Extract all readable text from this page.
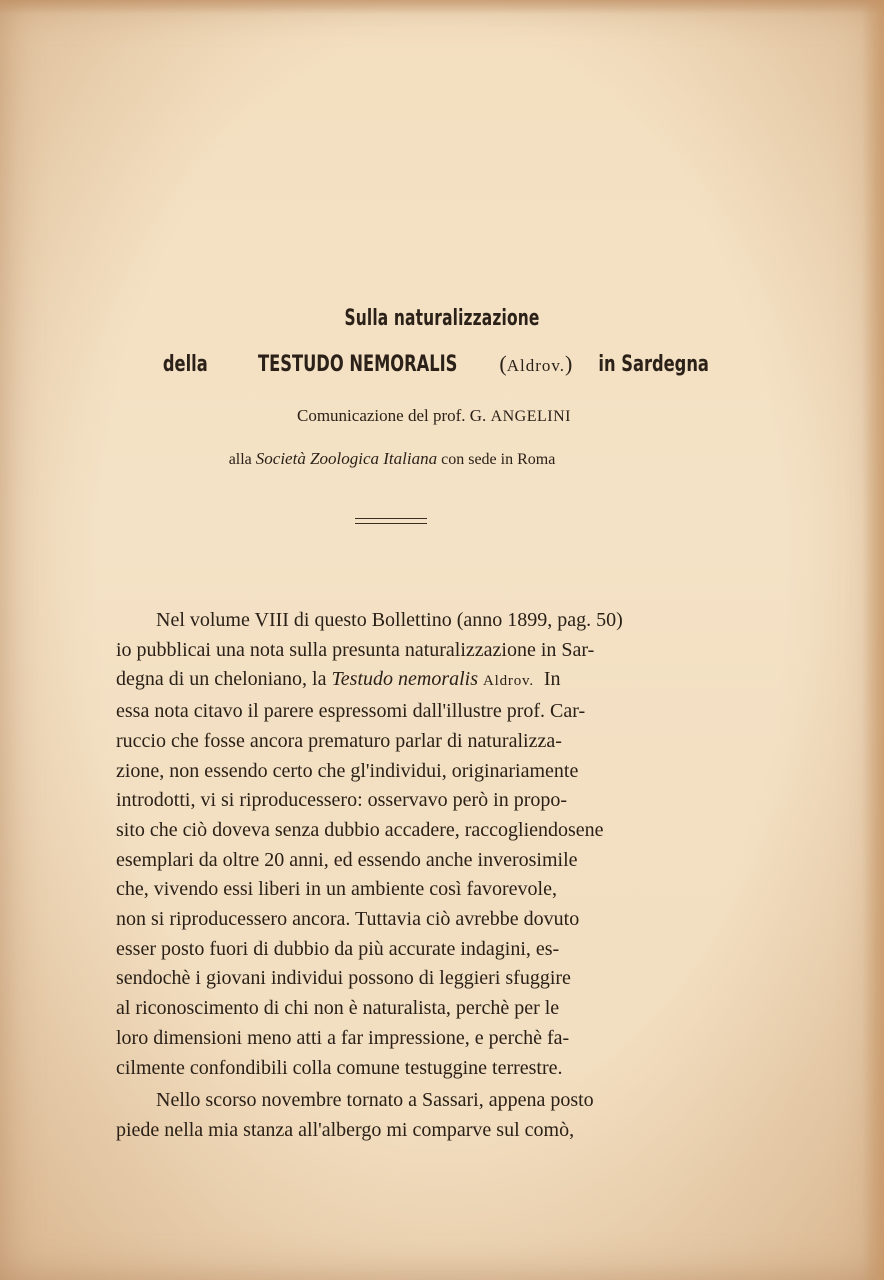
Sulla naturalizzazione
della TESTUDO NEMORALIS (Aldrov.) in Sardegna
Comunicazione del prof. G. ANGELINI
alla Società Zoologica Italiana con sede in Roma
Nel volume VIII di questo Bollettino (anno 1899, pag. 50)
io pubblicai una nota sulla presunta naturalizzazione in Sar-
degna di un cheloniano, la Testudo nemoralis Aldrov. In
essa nota citavo il parere espressomi dall'illustre prof. Car-
ruccio che fosse ancora prematuro parlar di naturalizza-
zione, non essendo certo che gl'individui, originariamente
introdotti, vi si riproducessero: osservavo però in propo-
sito che ciò doveva senza dubbio accadere, raccogliendosene
esemplari da oltre 20 anni, ed essendo anche inverosimile
che, vivendo essi liberi in un ambiente così favorevole,
non si riproducessero ancora. Tuttavia ciò avrebbe dovuto
esser posto fuori di dubbio da più accurate indagini, es-
sendochè i giovani individui possono di leggieri sfuggire
al riconoscimento di chi non è naturalista, perchè per le
loro dimensioni meno atti a far impressione, e perchè fa-
cilmente confondibili colla comune testuggine terrestre.
Nello scorso novembre tornato a Sassari, appena posto
piede nella mia stanza all'albergo mi comparve sul comò,
